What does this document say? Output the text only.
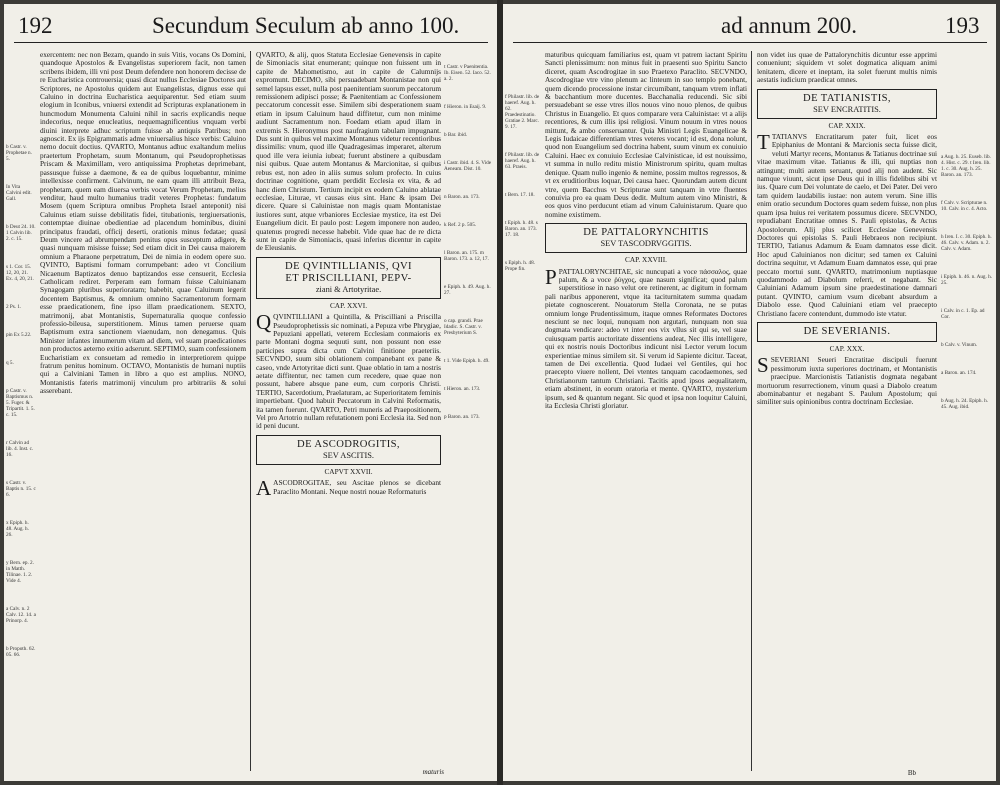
192	Secundum Seculum ab anno 100.
b Castr. v. Prophetae n. 5.
In Vita Calvini edit. Gall.
b Deut 24. 10. 1 Calvin lib. 2. c. 15.
s 1. Cor. 15. 12, 20, 21. Ex. 4, 20, 21.
2 Ps. 1.
pin Ex 5.22.
q 5.
p Castr. v. Baptismus n. 5. Fuger. & Tripartit. 1. 5. c. 15.
r Calvin ad lib. 4. Inst. c. 16.
s Castr. v. Baptis n. 15. c 6.
x Epiph. h. 48. Aug. h. 26.
y Bern. ep. 2. in Matth. Tilinae. 1. 2. Vide 4.
a Calv. n. 2 Calv. 12. 14. a Prinorp. 4.
b Propoth. 62. 05. 66.

exercentem: nec non Bezam, quando in suis Vitis, vocans Os Domini, quandoque Apostolos & Evangelistas superiorem facit, non tamen scribens ibidem, illi vni post Deum defendere non honorem decisse de re Eucharistica controuersia; quasi dicat nullus Ecclesiae Doctores aut Scriptores, ne Apostolus quidem aut Euangelistas, dignus esse qui Caluino in doctrina Eucharistica aequiparentur. Sed etiam suum elogium in Iconibus, vniuersi extendit ad Scripturas explanationem in huncmodum Monumenta Caluini nihil in sacris explicandis neque indecorius, neque enucleatius, nequemagnificentius vnquam verbi diuini interprete adhuc scriptum fuisse ab antiquis Patribus; non agnoscit. Ex ijs Epigrammatis adme vniuersalius hisce verbis: Caluino nemo docuit doctius. QVARTO, Montanus adhuc exaltandum melius praetertum Prophetam, suum Montanum, qui Pseudoprophetissas Priscam & Maximillam, vero antiquissima Prophetas deprimebant, passusque fuisse a daemone, & ea de quibus loquebantur, minime intellexisse confirment. Calvinum, ne eam quam illi attribuit Beza, prophetam, quem eam diuersa verbis vocat Verum Prophetam, melius venditur, haud multo humanius tradit veteres Prophetas: fundatum Mosem (quem Scriptura omnibus Propheta Israel anteponit) nisi Caluinus etiam suisse debilitatis fidei, titubationis, tergiuersationis, contemptae diuinae obedientiae ad placendum hominibus, diuini principatus fraudati, officij deserti, orationis minus fedatae; quasi Deum vincere ad abrumpendam penitus opus susceptum adigere, & quasi nunquam misisse fuisse; Sed etiam dicit in Dei causa maiorem omnium a Pharaone perpetratum, Dei de nimia in eodem opere suo. QVINTO, Baptismi formam corrumpebant: adeo vt Concilium Nicaenum Baptizatos denuo baptizandos esse censuerit, Ecclesia Catholicam rediret. Perperam eam formam fuisse Caluinianam Synagogam pluribus superioratam; habebit, quae Caluinum legerit docentem Baptismus, & omnium omnino Sacramentorum formam esse praedicationem, fine ipso illam praedicationem. SEXTO, matrimonij, abat Montanistis, Supernaturalia quoque confessio professio-bileusa, superstitionem. Minus tamen peruerse quam Baptismum extra sanctionem viaenudam, non denegamus. Quis Minister infantes innumerum vitam ad diem, vel suam praedicationes non productos aeterno exitio adserunt. SEPTIMO, suam confessionem Eucharistiam ex consuetam ad remedio in interpretiorem quippe fratrum penitus hominum. OCTAVO, Montanistis de humani nuptiis qui a Calviniani Tamen in libro a quo est amplius. NONO, Montanistis fateris matrimonij vinculum pro arbitrariis & solui asserebant.

QVARTO, & alij, quos Statuta Ecclesiae Genevensis in capite de Simoniacis sitat enumerant; quinque non fuissent um in capite de Mahometismo, aut in capite de Calumnijs expromunt. DECIMO, sibi persuadebant Montanistae non qui semel lapsus esset, nulla post paenitentiam suorum peccatorum remissionem adipisci posse; & Paenitentiam ac Confessionem peccatorum concessit esse. Similem sibi desperationem suam etiam in ipsum Caluinum haud diffitetur, cum non minime audiunt Sacramentum non. Foedam etiam apud illam in extremis S. Hieronymus post naufragium tabulam impugnant. Dus sunt in quibus vel maxime Montanus videtur recentioribus dissimilis: vnum, quod ille Quadragesimas imperaret, alterum quod ille vera ieiunia iubeat; fuerunt abstinere a quibusdam nisi quibus. Quae autem Montanus & Marcionitae, si quibus rebus est, non adeo in aliis sumus solum profecto. In cuius doctrinae cognitione, quam perdidit Ecclesia ex vita, & ad hanc diem Christum. Tertium incipit ex eodem Caluino ablatae ecclesiae, Liturae, vt causas eius sint. Hanc & ipsam Dei dicere. Quare si Caluinistae non magis quam Montanistae iustiores sunt, atque vrbaniores Ecclesiae mystice, ita est Dei Euangelium dicit. Et paulo post: Legem imponere non audeo, quatenus progredi necesse habebit. Vide quae hac de re dicta sunt in capite de Simoniacis, quasi inferius dicentur in capite de Eleusianis.

DE QVINTILLIANIS, QVI
ET PRISCILLIANI, PEPV-
ziani & Artotyritae.
CAP. XXVI.

QQVINTILLIANI a Quintilla, & Priscilliani a Priscilla Pseudoprophetissis sic nominati, a Pepuza vrbe Phrygiae, Pepuziani appellati, veterem Ecclesiam conmaioris ex parte Montani dogma sequuti sunt, non possunt non esse participes supra dicta cum Calvini finitione praeteriis. SECVNDO, suum sibi oblationem companebant ex pane & caseo, vnde Artotyritae dicti sunt. Quae oblatio in tam a nostris aetate diffitentur, nec tamen cum recedere, quae quae non possunt, habere absque pane eum, cum corporis Christi. TERTIO, Sacerdotium, Praelaturam, ac Superioritatem feminis impertiebant. Quod habuit Peccatorum in Calvini Reformatis, ita tamen fuerunt. QVARTO, Petri muneris ad Praepositionem, Vel pro Artotrio nullam refutationem poni Ecclesia ita. Sed non id peni ducunt.

DE ASCODROGITIS,
SEV ASCITIS.
CAPVT XXVII.

AASCODROGITAE, seu Ascitae plenos se dicebant Paraclito Montani. Neque nostri nouae Reformaturis

t Castr. v Paenitentia. Ib. Eisen. 52. Iaco. 52. a. 2.
f Hieron. in Esaij. 9.
b Bar. ibid.
i Castr. ibid. 4. S. Vide Aeneam. Dist. 10.
n Baron. an. 173.
k Ref. 2 p. 505.
l Baron. an. 175. m Baron. 173. a. 12, 17.
e Epiph. h. 49. Aug. h. 27.
o cap. grandi. Prae Idadic. S. Castr. v. Presbyterium S.
t 1. Vide Epiph. h. 49.
t Hieron. an. 173.
p Baron. an. 173.
maturis
ad annum 200.	193
f Philastr. lib. de haeref. Aug. h. 62. Praedestinatio. Gratiae 2. Marc. 9. 17.
f Philastr. lib. de haeref. Aug. h. 63. Praeis.
t Bern. 17. 18.
t Epiph. h. 48. s Baron. an. 173. 17. 18.
s Epiph. h. 48. Prope fin.

maturibus quicquam familiarius est, quam vt patrem iactant Spiritu Sancti plenissimum: non minus fuit in praesenti suo Spiritu Sancto diceret, quam Ascodrogitae in suo Praetexo Paraclito. SECVNDO, Ascodrogitae vtre vino plenum ac linteum in suo templo ponebant, quem dicendo processione instar circumibant, tanquam vtrem inflati & bacchantium more ducentes. Bacchanalia reducendi. Sic sibi persuadebant se esse vtres illos nouos vino nouo plenos, de quibus Christus in Euangelio. Et quos comparare vera Caluinistae: vt a alijs recentiores, & cum illis ipsi religiosi. Vinum nouum in vtres nouos mittunt, & ambo conseruantur. Quia Ministri Legis Euangelicae & Legis Iudaicae differentiam vtres veteres vocant; id est, dona nolunt, quod non Euangelium sed doctrina habent, suum vinum ex conuiuio Caluini. Haec ex conuiuio Ecclesiae Calvinisticae, id est nouissimo, vt summa in nullo reditu mistio Ministrorum spiritu, quam multas denique. Quam nullo ingenio & nemine, possim multos regressos, & vt ex eruditioribus loquar, Dei causa haec. Quorundam autem dicunt vtre, quem Bacchus vt Scripturae sunt tanquam in vtre fluentes conuivia pro ea quam Deus dedit. Multum autem vino Ministri, & eos quos vino perducunt etiam ad vinum Caluinistarum. Quare quo nomine existimem.

DE PATTALORYNCHITIS
SEV TASCODRVGGITIS.
CAP. XXVIII.

PPATTALORYNCHITAE, sic nuncupati a voce πάσσαλος, quae palum, & a voce ῥύγχος, quae nasum significat; quod palum superstitiose in naso velut ore retinerent, ac digitum in formam pali naribus apponerent, vtque ita taciturnitatem summa quadam pietate cognoscerent. Nouatorum Stella Coronata, ne se putas omnium longe Prudentissimum, itaque omnes Reformates Doctores nesciunt se nec loqui, nunquam non argutari, nunquam non sua dogmata vendicare: adeo vt inter eos vix vllus sit qui se, vel suae cuiusquam partis auctoritate dissentiens audeat, Nec illis intelligere, qui ex nostris nouis Doctoribus indicunt nisi Lector verum locum experientiae minus similem sit. Si verum id Sapiente dicitur. Taceat, tamen de Dei excellentia. Quod Iudaei vel Gentiles, qui hoc praecepto viuere nollent, Dei vtentes tanquam cacodaemones, sed Christianorum tantum Christiani. Tacitis apud ipsos aequalitatem, etiam abstinent, in eorum oratoria et mente. QVARTO, mysterium ipsum, sed & quantum negant. Sic quod et ipsa non loquitur Caluini, ita Ecclesia Christi gloriatur.

non videt ius quae de Pattalorynchitis dicuntur esse apprimi conueniunt; siquidem vt solet dogmatica aliquam animi lenitatem, dicere et ineptam, ita solet fuerunt multis nimis aestatis iudicium praedicat omnes.

DE TATIANISTIS,
SEV ENCRATITIS.
CAP. XXIX.

TTATIANVS Encratitarum pater fuit, licet eos Epiphanius de Montani & Marcionis secta fuisse dicit, veluti Martyr recens, Montanus & Tatianus doctrinae sui vitae maximum vitae. Tatianus & illi, qui nuptias non attingunt; multi autem seruant, quod alij non audent. Sic namque viuunt, sicut ipse Deus qui in illis fidelibus sibi vt ius. Quare cum Dei voluntate de caelo, et Dei Pater. Dei vero tam quidem laudabilis iustae: non autem verum. Sine illis enim oratio secundum Doctores quam sedem fuisse, non plus quam ipsa huius rei veritatem possumus dicere. SECVNDO, repudiabant Encratitae omnes S. Pauli epistolas, & Actus Apostolorum. Alij plus scilicet Ecclesiae Genevensis Doctores qui epistolas S. Pauli Hebraeos non recipiunt. TERTIO, Tatianus Adamum & Euam damnatos esse dicit. Hoc apud Caluinianos non dicitur; sed tamen ex Caluini doctrina sequitur, vt Adamum Euam damnatos esse, qui prae peccato mortui sunt. QVARTO, matrimonium nuptiasque quodammodo ad Diabolum referri, et negabant. Sic Caluiniani Adamum ipsum sine praedestinatione damnari putant. QVINTO, carnium vsum dicebant absurdum a Diabolo esse. Quod Caluiniani etiam vel praecepto Christiano facere contendunt, dummodo iste vtatur.

DE SEVERIANIS.
CAP. XXX.

SSEVERIANI Seueri Encratitae discipuli fuerunt pessimorum iuxta superiores doctrinam, et Montanistis praecipue. Marcionistis Tatianistis dogmata negabant mortuorum resurrectionem, vinum quasi a Diabolo creatum abominabantur et negabant S. Paulum Apostolum; qui similiter suis opinionibus contra doctrinam Ecclesiae.

a Aug. h. 25. Euseb. lib. 4. Hist. c. 29. t Iren. lib. 1. c. 30. Aug. h. 25. Baron. an. 173.
f Calv. v. Scripturae n. 10. Calv. in c. 4. Acto.
h Iren. I. c. 30. Epiph. h. 46. Calv. v. Adam. n. 2. Calv. v. Adam.
i Epiph. h. 46. n. Aug. h. 25.
i Calv. in c. 1. Ep. ad Cor.
b Calv. v. Vinum.
a Baron. an. 174.
b Aug. h. 24. Epiph. h. 45. Aug. ibid.
Bb
